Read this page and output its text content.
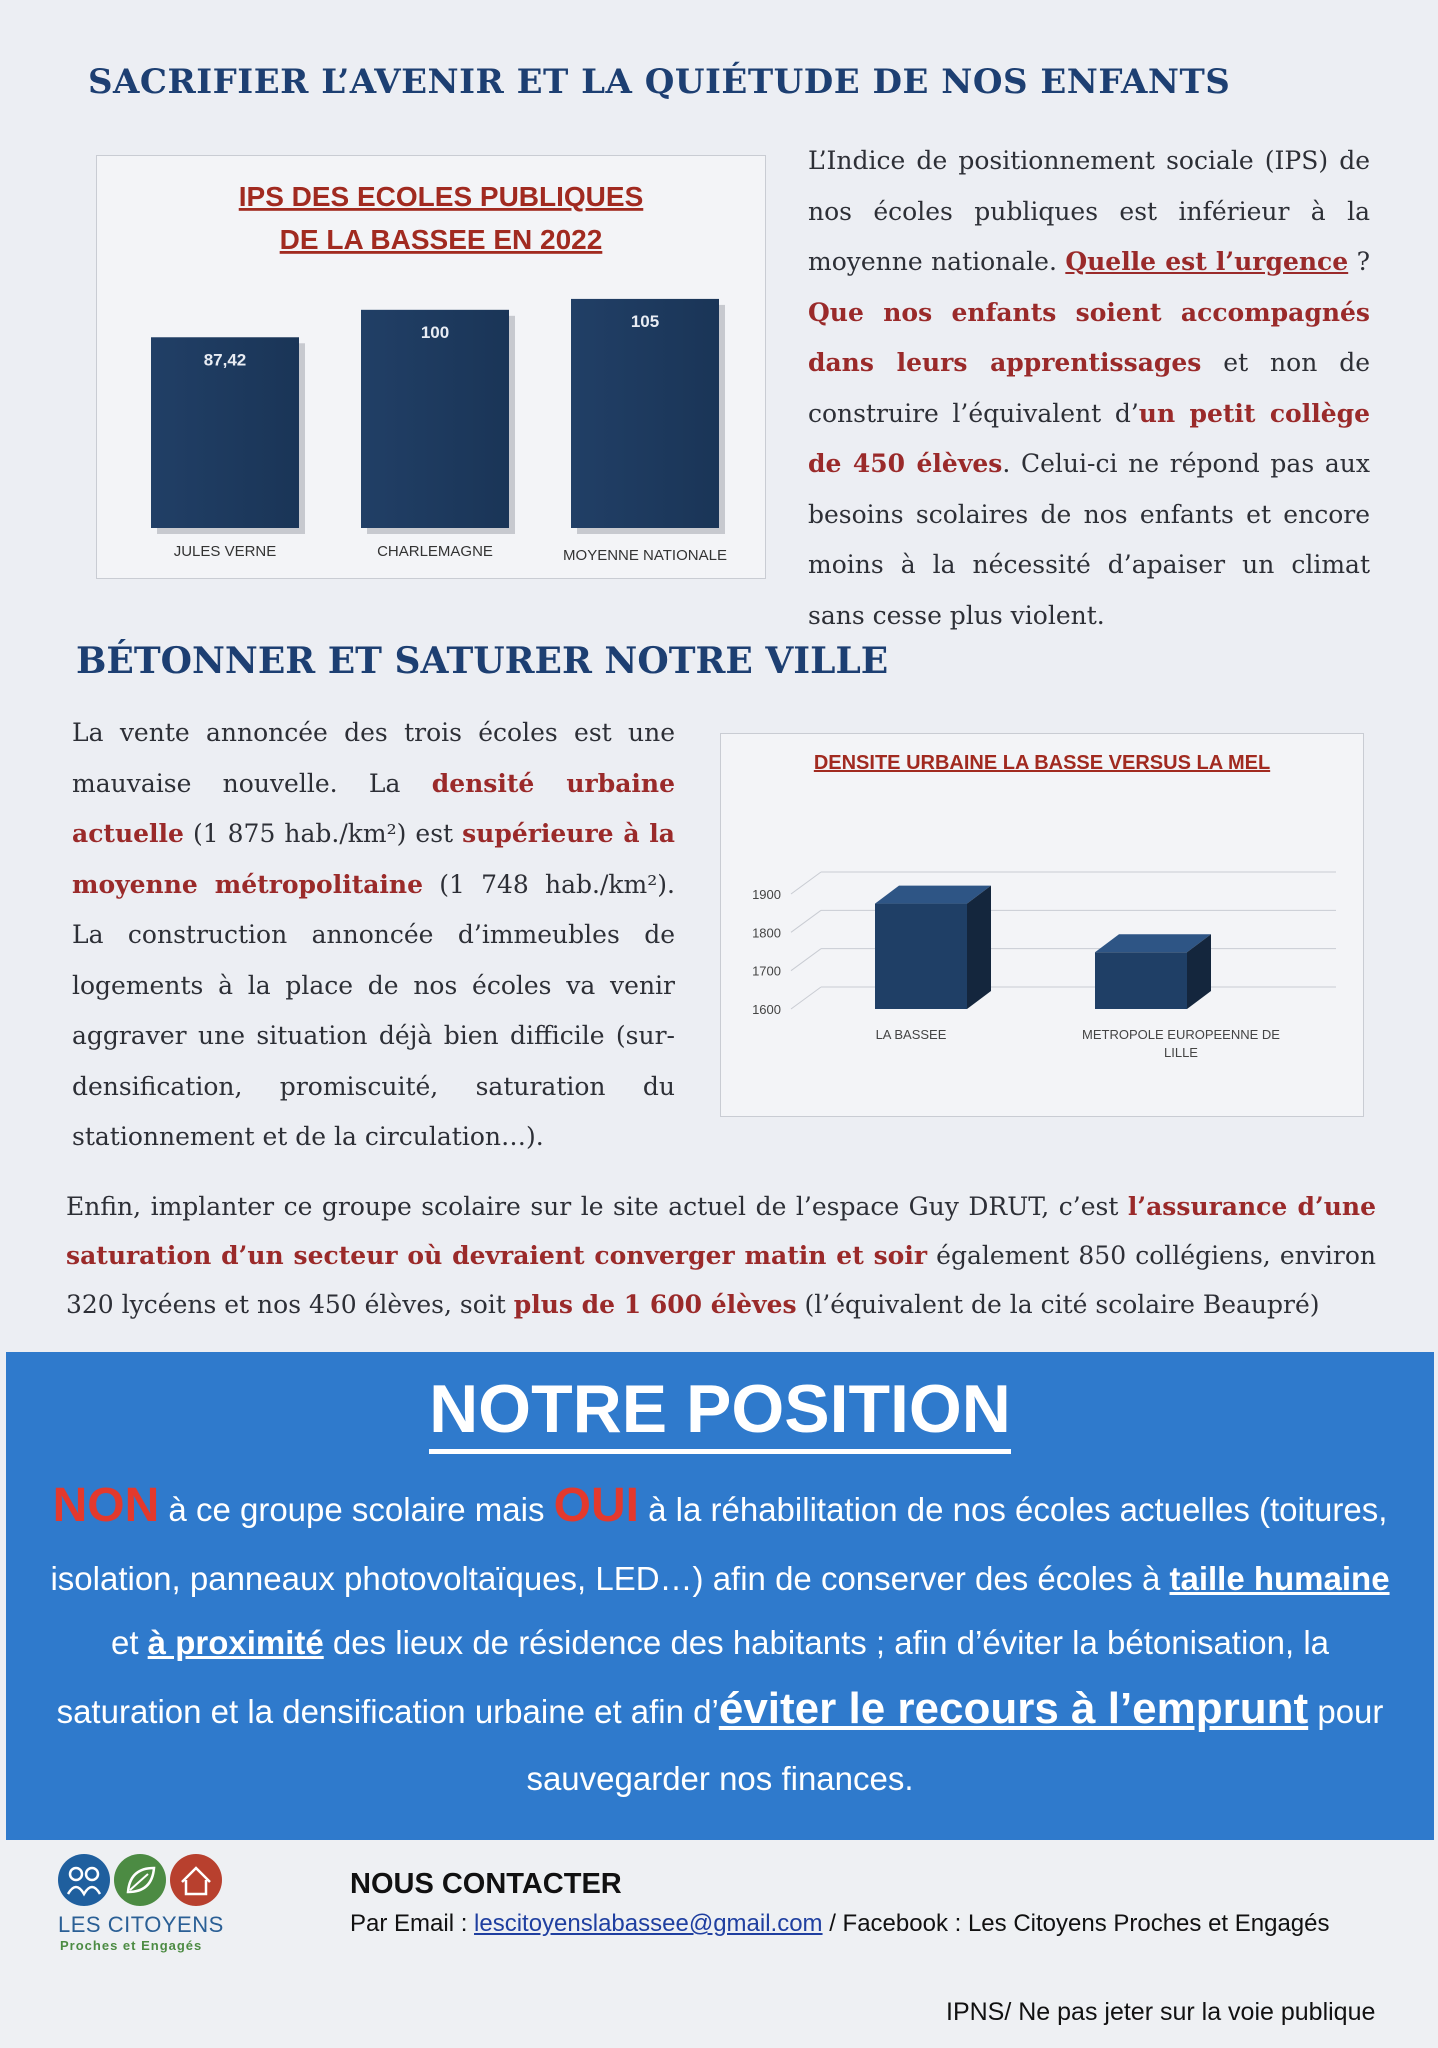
SACRIFIER L’AVENIR ET LA QUIÉTUDE DE NOS ENFANTS
IPS DES ECOLES PUBLIQUES
DE LA BASSEE EN 2022
87,42
JULES VERNE
100
CHARLEMAGNE
105
MOYENNE NATIONALE
L’Indice de positionnement sociale (IPS) de nos écoles publiques est inférieur à la moyenne nationale. Quelle est l’urgence ? Que nos enfants soient accompagnés dans leurs apprentissages et non de construire l’équivalent d’un petit collège de 450 élèves. Celui-ci ne répond pas aux besoins scolaires de nos enfants et encore moins à la nécessité d’apaiser un climat sans cesse plus violent.
BÉTONNER ET SATURER NOTRE VILLE
La vente annoncée des trois écoles est une mauvaise nouvelle. La densité urbaine actuelle (1 875 hab./km²) est supérieure à la moyenne métropolitaine (1 748 hab./km²). La construction annoncée d’immeubles de logements à la place de nos écoles va venir aggraver une situation déjà bien difficile (sur-densification, promiscuité, saturation du stationnement et de la circulation…).
DENSITE URBAINE LA BASSE VERSUS LA MEL
1600
1700
1800
1900
LA BASSEE	METROPOLE EUROPEENNE DE
LILLE
Enfin, implanter ce groupe scolaire sur le site actuel de l’espace Guy DRUT, c’est l’assurance d’une saturation d’un secteur où devraient converger matin et soir également 850 collégiens, environ 320 lycéens et nos 450 élèves, soit plus de 1 600 élèves (l’équivalent de la cité scolaire Beaupré)
NOTRE POSITION
NON à ce groupe scolaire mais OUI à la réhabilitation de nos écoles actuelles (toitures,
isolation, panneaux photovoltaïques, LED…) afin de conserver des écoles à taille humaine
et à proximité des lieux de résidence des habitants ; afin d’éviter la bétonisation, la
saturation et la densification urbaine et afin d’éviter le recours à l’emprunt pour
sauvegarder nos finances.
LES CITOYENS
Proches et Engagés
NOUS CONTACTER
Par Email : lescitoyenslabassee@gmail.com / Facebook : Les Citoyens Proches et Engagés
IPNS/ Ne pas jeter sur la voie publique
